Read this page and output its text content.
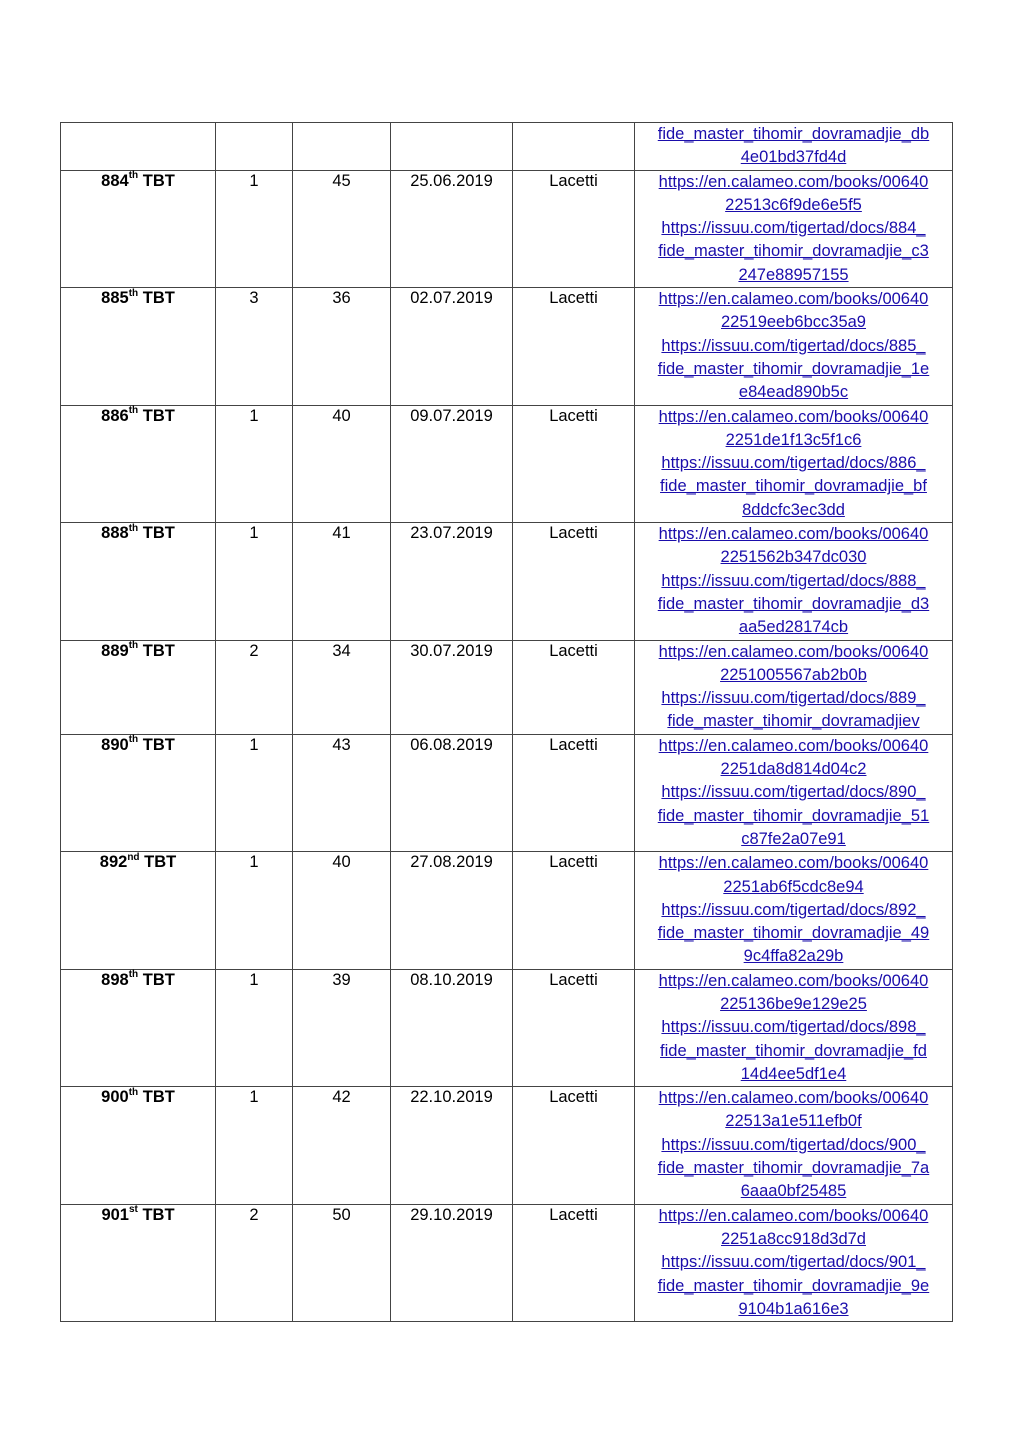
					fide_master_tihomir_dovramadjie_db
4e01bd37fd4d

884th TBT	1	45	25.06.2019	Lacetti	https://en.calameo.com/books/00640
22513c6f9de6e5f5
https://issuu.com/tigertad/docs/884_
fide_master_tihomir_dovramadjie_c3
247e88957155

885th TBT	3	36	02.07.2019	Lacetti	https://en.calameo.com/books/00640
22519eeb6bcc35a9
https://issuu.com/tigertad/docs/885_
fide_master_tihomir_dovramadjie_1e
e84ead890b5c

886th TBT	1	40	09.07.2019	Lacetti	https://en.calameo.com/books/00640
2251de1f13c5f1c6
https://issuu.com/tigertad/docs/886_
fide_master_tihomir_dovramadjie_bf
8ddcfc3ec3dd

888th TBT	1	41	23.07.2019	Lacetti	https://en.calameo.com/books/00640
2251562b347dc030
https://issuu.com/tigertad/docs/888_
fide_master_tihomir_dovramadjie_d3
aa5ed28174cb

889th TBT	2	34	30.07.2019	Lacetti	https://en.calameo.com/books/00640
2251005567ab2b0b
https://issuu.com/tigertad/docs/889_
fide_master_tihomir_dovramadjiev

890th TBT	1	43	06.08.2019	Lacetti	https://en.calameo.com/books/00640
2251da8d814d04c2
https://issuu.com/tigertad/docs/890_
fide_master_tihomir_dovramadjie_51
c87fe2a07e91

892nd TBT	1	40	27.08.2019	Lacetti	https://en.calameo.com/books/00640
2251ab6f5cdc8e94
https://issuu.com/tigertad/docs/892_
fide_master_tihomir_dovramadjie_49
9c4ffa82a29b

898th TBT	1	39	08.10.2019	Lacetti	https://en.calameo.com/books/00640
225136be9e129e25
https://issuu.com/tigertad/docs/898_
fide_master_tihomir_dovramadjie_fd
14d4ee5df1e4

900th TBT	1	42	22.10.2019	Lacetti	https://en.calameo.com/books/00640
22513a1e511efb0f
https://issuu.com/tigertad/docs/900_
fide_master_tihomir_dovramadjie_7a
6aaa0bf25485

901st TBT	2	50	29.10.2019	Lacetti	https://en.calameo.com/books/00640
2251a8cc918d3d7d
https://issuu.com/tigertad/docs/901_
fide_master_tihomir_dovramadjie_9e
9104b1a616e3
